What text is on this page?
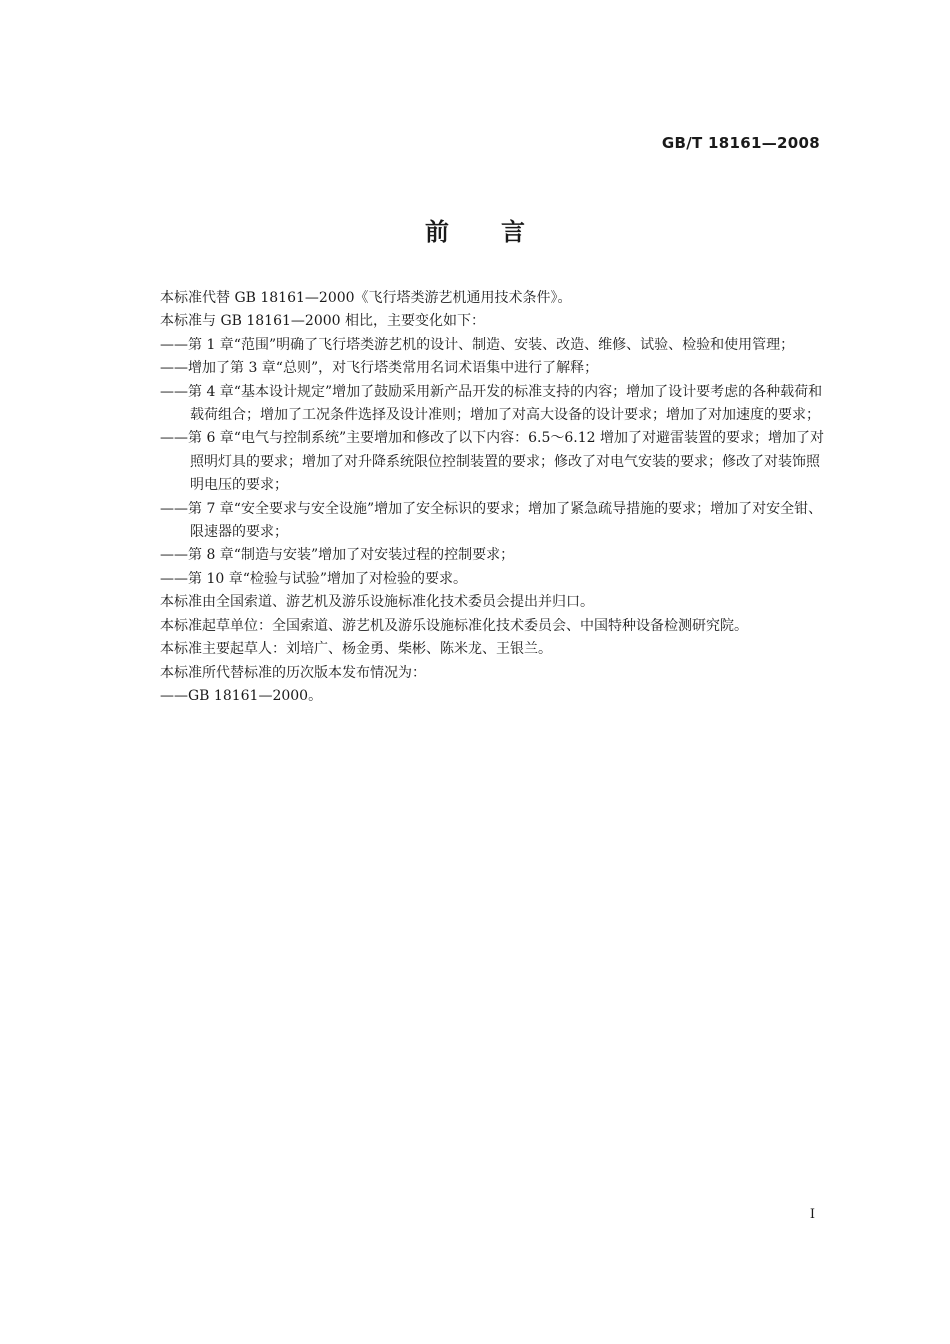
GB/T 18161—2008
前言

本标准代替 GB 18161—2000《飞行塔类游艺机通用技术条件》。

本标准与 GB 18161—2000 相比，主要变化如下：

——第 1 章“范围”明确了飞行塔类游艺机的设计、制造、安装、改造、维修、试验、检验和使用管理；

——增加了第 3 章“总则”，对飞行塔类常用名词术语集中进行了解释；

——第 4 章“基本设计规定”增加了鼓励采用新产品开发的标准支持的内容；增加了设计要考虑的各种载荷和载荷组合；增加了工况条件选择及设计准则；增加了对高大设备的设计要求；增加了对加速度的要求；

——第 6 章“电气与控制系统”主要增加和修改了以下内容：6.5～6.12 增加了对避雷装置的要求；增加了对照明灯具的要求；增加了对升降系统限位控制装置的要求；修改了对电气安装的要求；修改了对装饰照明电压的要求；

——第 7 章“安全要求与安全设施”增加了安全标识的要求；增加了紧急疏导措施的要求；增加了对安全钳、限速器的要求；

——第 8 章“制造与安装”增加了对安装过程的控制要求；

——第 10 章“检验与试验”增加了对检验的要求。

本标准由全国索道、游艺机及游乐设施标准化技术委员会提出并归口。

本标准起草单位：全国索道、游艺机及游乐设施标准化技术委员会、中国特种设备检测研究院。

本标准主要起草人：刘培广、杨金勇、柴彬、陈米龙、王银兰。

本标准所代替标准的历次版本发布情况为：

——GB 18161—2000。

I
